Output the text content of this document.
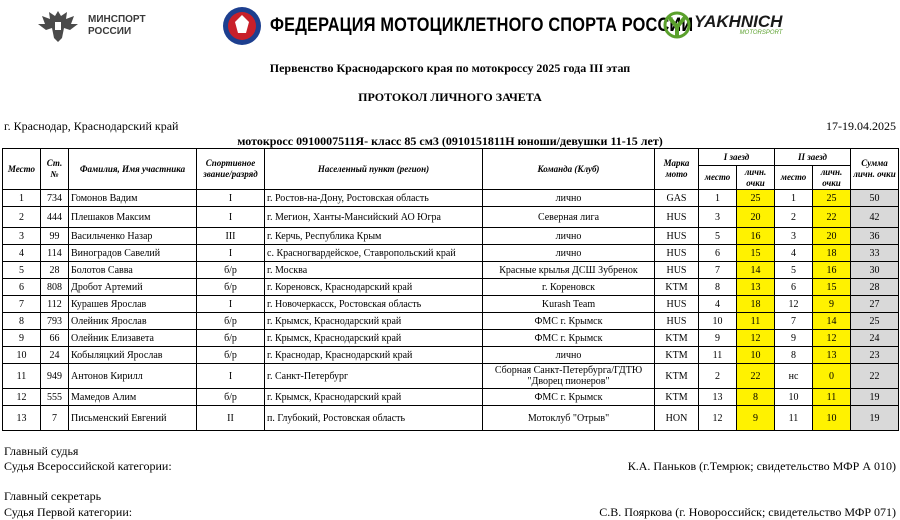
МИНСПОРТ РОССИИ	ФЕДЕРАЦИЯ МОТОЦИКЛЕТНОГО СПОРТА РОССИИ YAKHNICH
MOTORSPORT
Первенство Краснодарского края по мотокроссу 2025 года III этап
ПРОТОКОЛ ЛИЧНОГО ЗАЧЕТА
г. Краснодар, Краснодарский край	17-19.04.2025
мотокросс 0910007511Я- класс 85 см3 (0910151811Н юноши/девушки 11-15 лет)
Место	Ст. №	Фамилия, Имя участника	Спортивное звание/разряд	Населенный пункт (регион)	Команда (Клуб)	Марка мото	I заезд		II заезд		Сумма личн. очки
							место	личн. очки	место	личн. очки	
1	734	Гомонов Вадим	I	г. Ростов-на-Дону, Ростовская область	лично	GAS	1	25	1	25	50
2	444	Плешаков Максим	I	г. Мегион, Ханты-Мансийский АО Югра	Северная лига	HUS	3	20	2	22	42
3	99	Васильченко Назар	III	г. Керчь, Республика Крым	лично	HUS	5	16	3	20	36
4	114	Виноградов Савелий	I	с. Красногвардейское, Ставропольский край	лично	HUS	6	15	4	18	33
5	28	Болотов Савва	б/р	г. Москва	Красные крылья ДСШ Зубренок	HUS	7	14	5	16	30
6	808	Дробот Артемий	б/р	г. Кореновск, Краснодарский край	г. Кореновск	KTM	8	13	6	15	28
7	112	Курашев Ярослав	I	г. Новочеркасск, Ростовская область	Kurash Team	HUS	4	18	12	9	27
8	793	Олейник Ярослав	б/р	г. Крымск, Краснодарский край	ФМС г. Крымск	HUS	10	11	7	14	25
9	66	Олейник Елизавета	б/р	г. Крымск, Краснодарский край	ФМС г. Крымск	KTM	9	12	9	12	24
10	24	Кобыляцкий Ярослав	б/р	г. Краснодар, Краснодарский край	лично	KTM	11	10	8	13	23
11	949	Антонов Кирилл	I	г. Санкт-Петербург	Сборная Санкт-Петербурга/ГДТЮ "Дворец пионеров"	KTM	2	22	нс	0	22
12	555	Мамедов Алим	б/р	г. Крымск, Краснодарский край	ФМС г. Крымск	KTM	13	8	10	11	19
13	7	Письменский Евгений	II	п. Глубокий, Ростовская область	Мотоклуб "Отрыв"	HON	12	9	11	10	19
Главный судья
Судья Всероссийской категории:	К.А. Паньков (г.Темрюк; свидетельство МФР А 010)
Главный секретарь
Судья Первой категории:	С.В. Пояркова (г. Новороссийск; свидетельство МФР 071)
